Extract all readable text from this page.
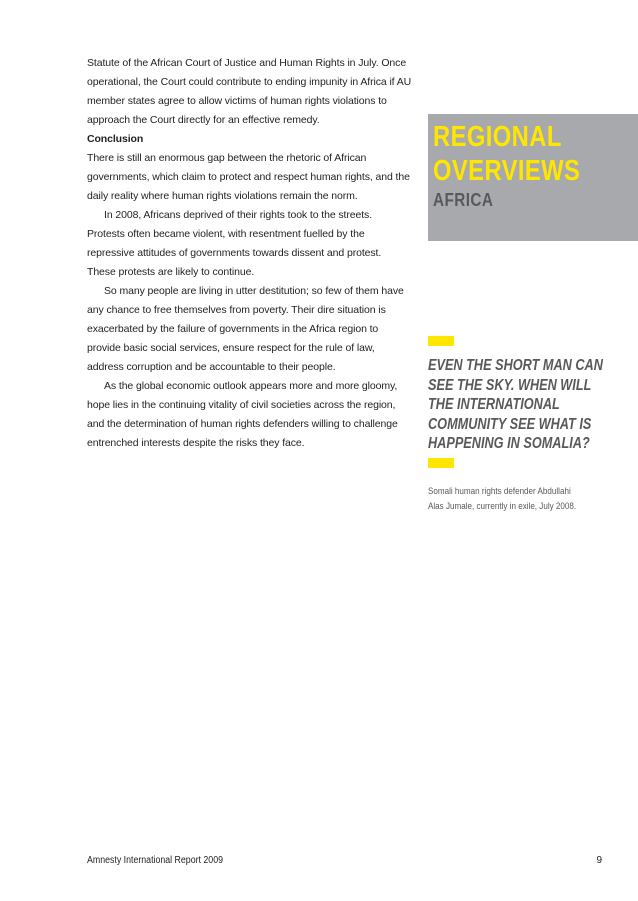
Statute of the African Court of Justice and Human Rights in July. Once operational, the Court could contribute to ending impunity in Africa if AU member states agree to allow victims of human rights violations to approach the Court directly for an effective remedy.

Conclusion

There is still an enormous gap between the rhetoric of African governments, which claim to protect and respect human rights, and the daily reality where human rights violations remain the norm.

In 2008, Africans deprived of their rights took to the streets. Protests often became violent, with resentment fuelled by the repressive attitudes of governments towards dissent and protest. These protests are likely to continue.

So many people are living in utter destitution; so few of them have any chance to free themselves from poverty. Their dire situation is exacerbated by the failure of governments in the Africa region to provide basic social services, ensure respect for the rule of law, address corruption and be accountable to their people.

As the global economic outlook appears more and more gloomy, hope lies in the continuing vitality of civil societies across the region, and the determination of human rights defenders willing to challenge entrenched interests despite the risks they face.

REGIONAL
OVERVIEWS
AFRICA
EVEN THE SHORT MAN CAN
SEE THE SKY. WHEN WILL
THE INTERNATIONAL
COMMUNITY SEE WHAT IS
HAPPENING IN SOMALIA?
Somali human rights defender Abdullahi
Alas Jumale, currently in exile, July 2008.
Amnesty International Report 2009	9
